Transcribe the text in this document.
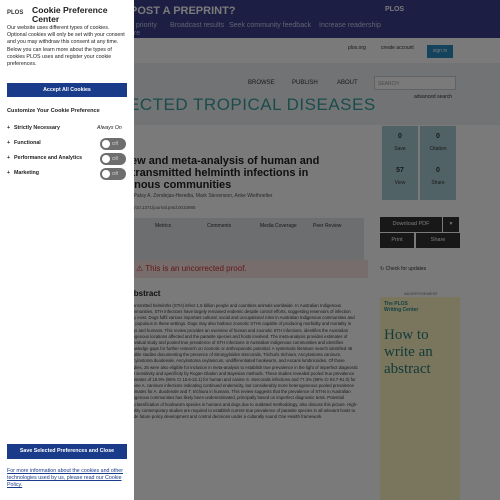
PLOS Cookie Preference Center
Our website uses different types of cookies. Optional cookies will only be set with your consent and you may withdraw this consent at any time. Below you can learn more about the types of cookies PLOS uses and register your cookie preferences.
Accept All Cookies
Customize Your Cookie Preference
+ Strictly Necessary	Always On
+ Functional	Off
+ Performance and Analytics	Off
+ Marketing	Off
Save Selected Preferences and Close
For more information about the cookies and other technologies used by us, please read our Cookie Policy.
